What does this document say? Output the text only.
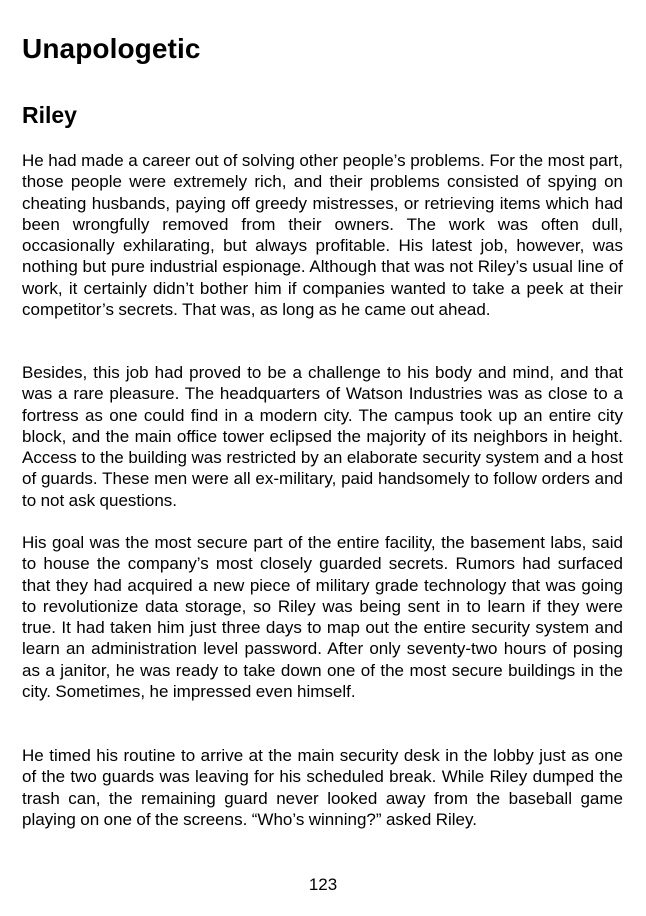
Unapologetic
Riley

He had made a career out of solving other people’s problems. For the most part, those people were extremely rich, and their problems consisted of spying on cheating husbands, paying off greedy mistresses, or retrieving items which had been wrongfully removed from their owners. The work was often dull, occasionally exhilarating, but always profitable. His latest job, however, was nothing but pure industrial espionage. Although that was not Riley’s usual line of work, it certainly didn’t bother him if companies wanted to take a peek at their competitor’s secrets. That was, as long as he came out ahead.

Besides, this job had proved to be a challenge to his body and mind, and that was a rare pleasure. The headquarters of Watson Industries was as close to a fortress as one could find in a modern city. The campus took up an entire city block, and the main office tower eclipsed the majority of its neighbors in height. Access to the building was restricted by an elaborate security system and a host of guards. These men were all ex-military, paid handsomely to follow orders and to not ask questions.

His goal was the most secure part of the entire facility, the basement labs, said to house the company’s most closely guarded secrets. Rumors had surfaced that they had acquired a new piece of military grade technology that was going to revolutionize data storage, so Riley was being sent in to learn if they were true. It had taken him just three days to map out the entire security system and learn an administration level password. After only seventy-two hours of posing as a janitor, he was ready to take down one of the most secure buildings in the city. Sometimes, he impressed even himself.

He timed his routine to arrive at the main security desk in the lobby just as one of the two guards was leaving for his scheduled break. While Riley dumped the trash can, the remaining guard never looked away from the baseball game playing on one of the screens. “Who’s winning?” asked Riley.

123
